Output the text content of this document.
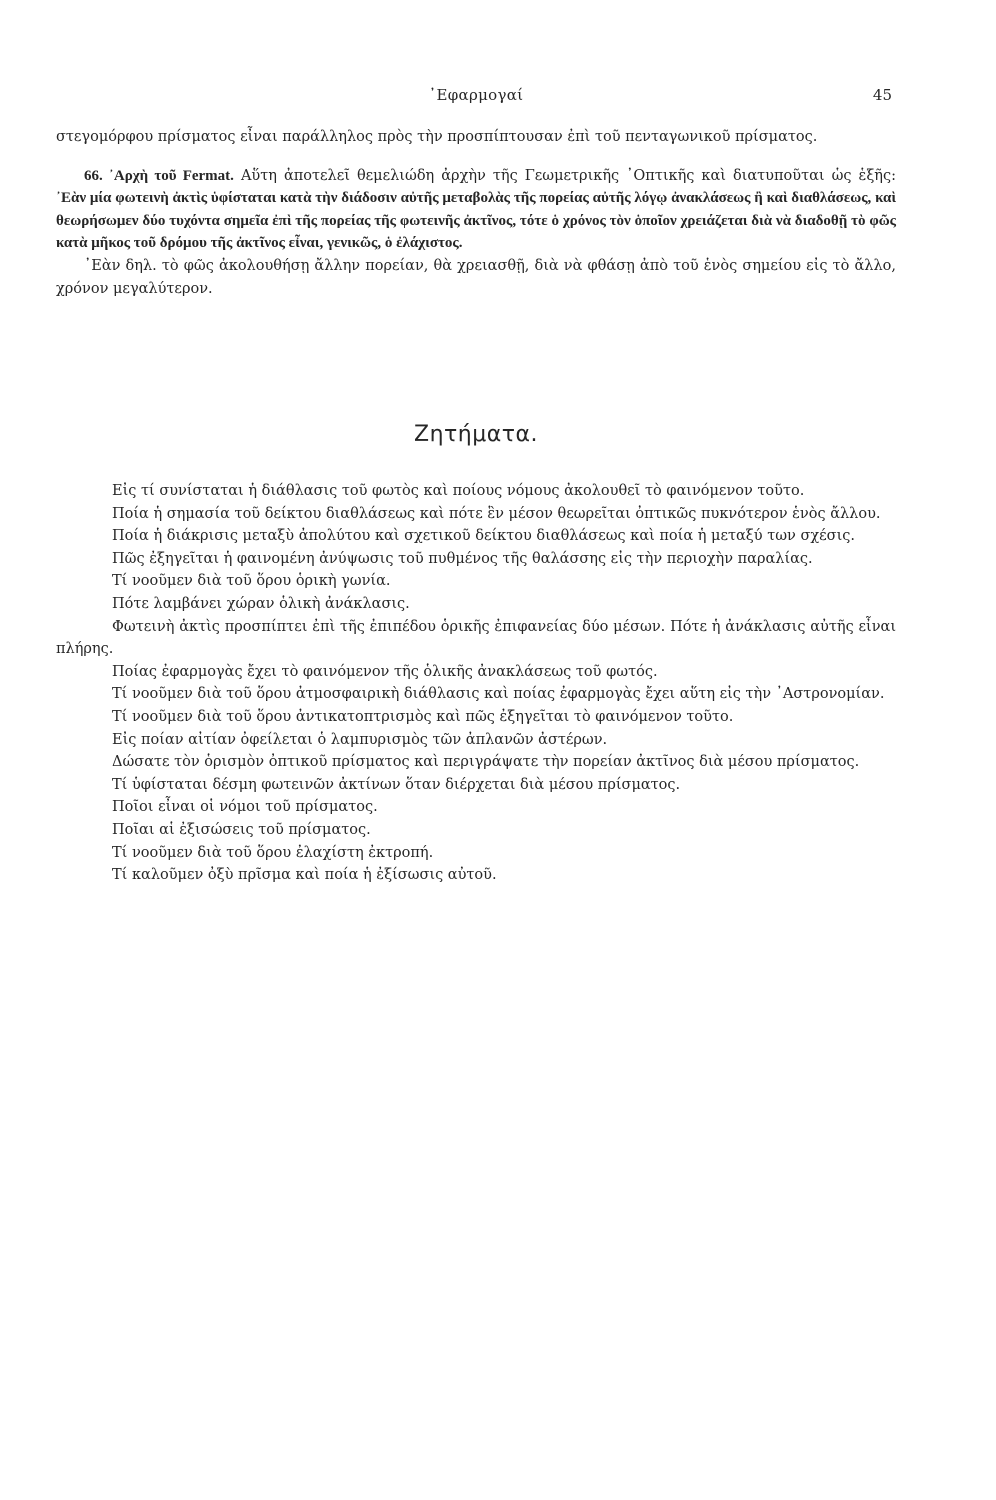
᾿Εφαρμογαί	45

στεγομόρφου πρίσματος εἶναι παράλληλος πρὸς τὴν προσπίπτουσαν ἐπὶ τοῦ πενταγωνικοῦ πρίσματος.

66. ᾿Αρχὴ τοῦ Fermat. Αὕτη ἀποτελεῖ θεμελιώδη ἀρχὴν τῆς Γεωμετρικῆς ᾿Οπτικῆς καὶ διατυποῦται ὡς ἑξῆς: ᾿Εὰν μία φωτεινὴ ἀκτὶς ὑφίσταται κατὰ τὴν διάδοσιν αὐτῆς μεταβολὰς τῆς πορείας αὐτῆς λόγῳ ἀνακλάσεως ἢ καὶ διαθλάσεως, καὶ θεωρήσωμεν δύο τυχόντα σημεῖα ἐπὶ τῆς πορείας τῆς φωτεινῆς ἀκτῖνος, τότε ὁ χρόνος τὸν ὁποῖον χρειάζεται διὰ νὰ διαδοθῇ τὸ φῶς κατὰ μῆκος τοῦ δρόμου τῆς ἀκτῖνος εἶναι, γενικῶς, ὁ ἐλάχιστος.

᾿Εὰν δηλ. τὸ φῶς ἀκολουθήσῃ ἄλλην πορείαν, θὰ χρειασθῇ, διὰ νὰ φθάσῃ ἀπὸ τοῦ ἑνὸς σημείου εἰς τὸ ἄλλο, χρόνον μεγαλύτερον.

Ζητήματα.

Εἰς τί συνίσταται ἡ διάθλασις τοῦ φωτὸς καὶ ποίους νόμους ἀκολουθεῖ τὸ φαινόμενον τοῦτο.

Ποία ἡ σημασία τοῦ δείκτου διαθλάσεως καὶ πότε ἓν μέσον θεωρεῖται ὀπτικῶς πυκνότερον ἑνὸς ἄλλου.

Ποία ἡ διάκρισις μεταξὺ ἀπολύτου καὶ σχετικοῦ δείκτου διαθλάσεως καὶ ποία ἡ μεταξύ των σχέσις.

Πῶς ἐξηγεῖται ἡ φαινομένη ἀνύψωσις τοῦ πυθμένος τῆς θαλάσσης εἰς τὴν περιοχὴν παραλίας.

Τί νοοῦμεν διὰ τοῦ ὅρου ὁρικὴ γωνία.

Πότε λαμβάνει χώραν ὁλικὴ ἀνάκλασις.

Φωτεινὴ ἀκτὶς προσπίπτει ἐπὶ τῆς ἐπιπέδου ὁρικῆς ἐπιφανείας δύο μέσων. Πότε ἡ ἀνάκλασις αὐτῆς εἶναι πλήρης.

Ποίας ἐφαρμογὰς ἔχει τὸ φαινόμενον τῆς ὁλικῆς ἀνακλάσεως τοῦ φωτός.

Τί νοοῦμεν διὰ τοῦ ὅρου ἀτμοσφαιρικὴ διάθλασις καὶ ποίας ἐφαρμογὰς ἔχει αὕτη εἰς τὴν ᾿Αστρονομίαν.

Τί νοοῦμεν διὰ τοῦ ὅρου ἀντικατοπτρισμὸς καὶ πῶς ἐξηγεῖται τὸ φαινόμενον τοῦτο.

Εἰς ποίαν αἰτίαν ὀφείλεται ὁ λαμπυρισμὸς τῶν ἀπλανῶν ἀστέρων.

Δώσατε τὸν ὁρισμὸν ὀπτικοῦ πρίσματος καὶ περιγράψατε τὴν πορείαν ἀκτῖνος διὰ μέσου πρίσματος.

Τί ὑφίσταται δέσμη φωτεινῶν ἀκτίνων ὅταν διέρχεται διὰ μέσου πρίσματος.

Ποῖοι εἶναι οἱ νόμοι τοῦ πρίσματος.

Ποῖαι αἱ ἐξισώσεις τοῦ πρίσματος.

Τί νοοῦμεν διὰ τοῦ ὅρου ἐλαχίστη ἐκτροπή.

Τί καλοῦμεν ὀξὺ πρῖσμα καὶ ποία ἡ ἐξίσωσις αὐτοῦ.
